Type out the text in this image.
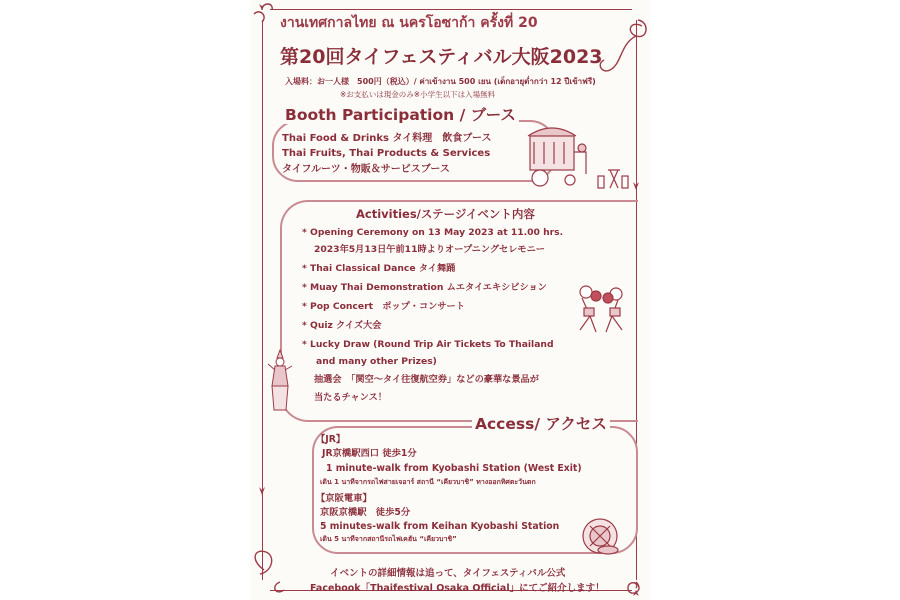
งานเทศกาลไทย ณ นครโอซาก้า ครั้งที่ 20
第20回タイフェスティバル大阪2023
入場料：お一人様　500円（税込）/ ค่าเข้างาน 500 เยน (เด็กอายุต่ำกว่า 12 ปีเข้าฟรี)
※お支払いは現金のみ※小学生以下は入場無料
Booth Participation / ブース
Thai Food & Drinks タイ料理　飲食ブース
Thai Fruits, Thai Products & Services
タイフルーツ・物販＆サービスブース
Activities/ステージイベント内容
* Opening Ceremony on 13 May 2023 at 11.00 hrs.
2023年5月13日午前11時よりオープニングセレモニー
* Thai Classical Dance タイ舞踊
* Muay Thai Demonstration ムエタイエキシビション
* Pop Concert　ポップ・コンサート
* Quiz クイズ大会
* Lucky Draw (Round Trip Air Tickets To Thailand
and many other Prizes)
抽選会　「関空～タイ往復航空券」などの豪華な景品が
当たるチャンス！
Access/ アクセス
【JR】
JR京橋駅西口 徒歩1分
1 minute-walk from Kyobashi Station (West Exit)
เดิน 1 นาทีจากรถไฟสายเจอาร์ สถานี “เคียวบาชิ” ทางออกทิศตะวันตก
【京阪電車】
京阪京橋駅　徒歩5分
5 minutes-walk from Keihan Kyobashi Station
เดิน 5 นาทีจากสถานีรถไฟเคฮัน “เคียวบาชิ”
イベントの詳細情報は追って、タイフェスティバル公式
Facebook「Thaifestival Osaka Official」にてご紹介します！
